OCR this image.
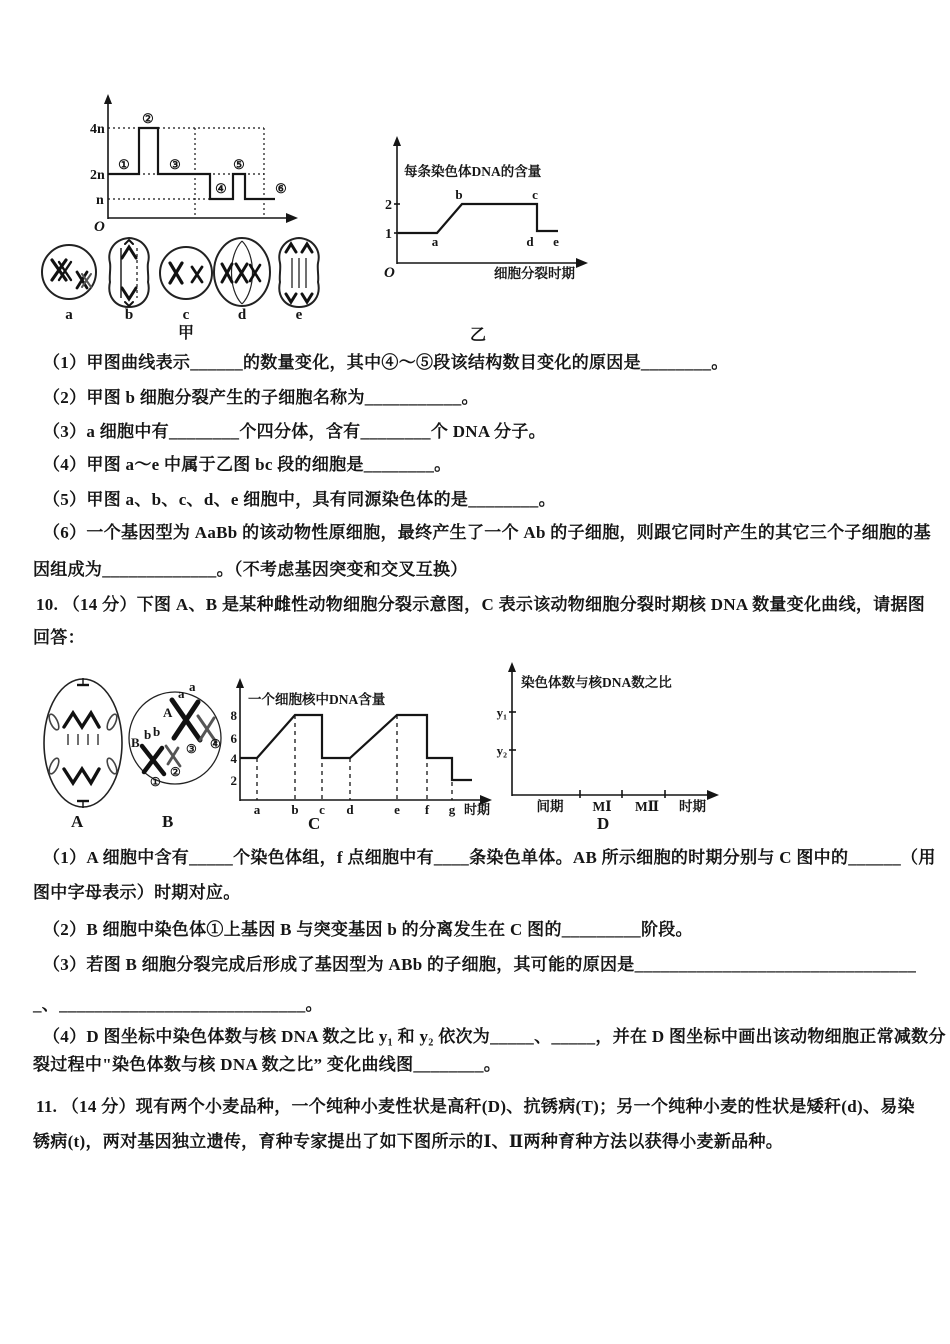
4n
2n
n
O
①
②
③
④
⑤
⑥
a	b	c	d	e
甲
每条染色体DNA的含量
2
1	a
b	c
d e
O	细胞分裂时期
乙
（1）甲图曲线表示______的数量变化，其中④～⑤段该结构数目变化的原因是________。
（2）甲图 b 细胞分裂产生的子细胞名称为___________。
（3）a 细胞中有________个四分体，含有________个 DNA 分子。
（4）甲图 a～e 中属于乙图 bc 段的细胞是________。
（5）甲图 a、b、c、d、e 细胞中，具有同源染色体的是________。
（6）一个基因型为 AaBb 的该动物性原细胞，最终产生了一个 Ab 的子细胞，则跟它同时产生的其它三个子细胞的基
因组成为_____________。（不考虑基因突变和交叉互换）
10. （14 分）下图 A、B 是某种雌性动物细胞分裂示意图，C 表示该动物细胞分裂时期核 DNA 数量变化曲线，请据图
回答：
A
A
a a
B
b b
①
②
③ ④
B
一个细胞核中DNA含量
8
6
4
2
a b c d	e f g 时期
C
染色体数与核DNA数之比
y₁
y₂
间期 MⅠ MⅡ 时期
D
（1）A 细胞中含有_____个染色体组，f 点细胞中有____条染色单体。AB 所示细胞的时期分别与 C 图中的______（用
图中字母表示）时期对应。
（2）B 细胞中染色体①上基因 B 与突变基因 b 的分离发生在 C 图的_________阶段。
（3）若图 B 细胞分裂完成后形成了基因型为 ABb 的子细胞，其可能的原因是________________________________
_、____________________________。
（4）D 图坐标中染色体数与核 DNA 数之比 y₁ 和 y₂ 依次为_____、_____，并在 D 图坐标中画出该动物细胞正常减数分
裂过程中"染色体数与核 DNA 数之比” 变化曲线图________。
11. （14 分）现有两个小麦品种，一个纯种小麦性状是高秆(D)、抗锈病(T)；另一个纯种小麦的性状是矮秆(d)、易染
锈病(t)，两对基因独立遗传，育种专家提出了如下图所示的Ⅰ、Ⅱ两种育种方法以获得小麦新品种。
